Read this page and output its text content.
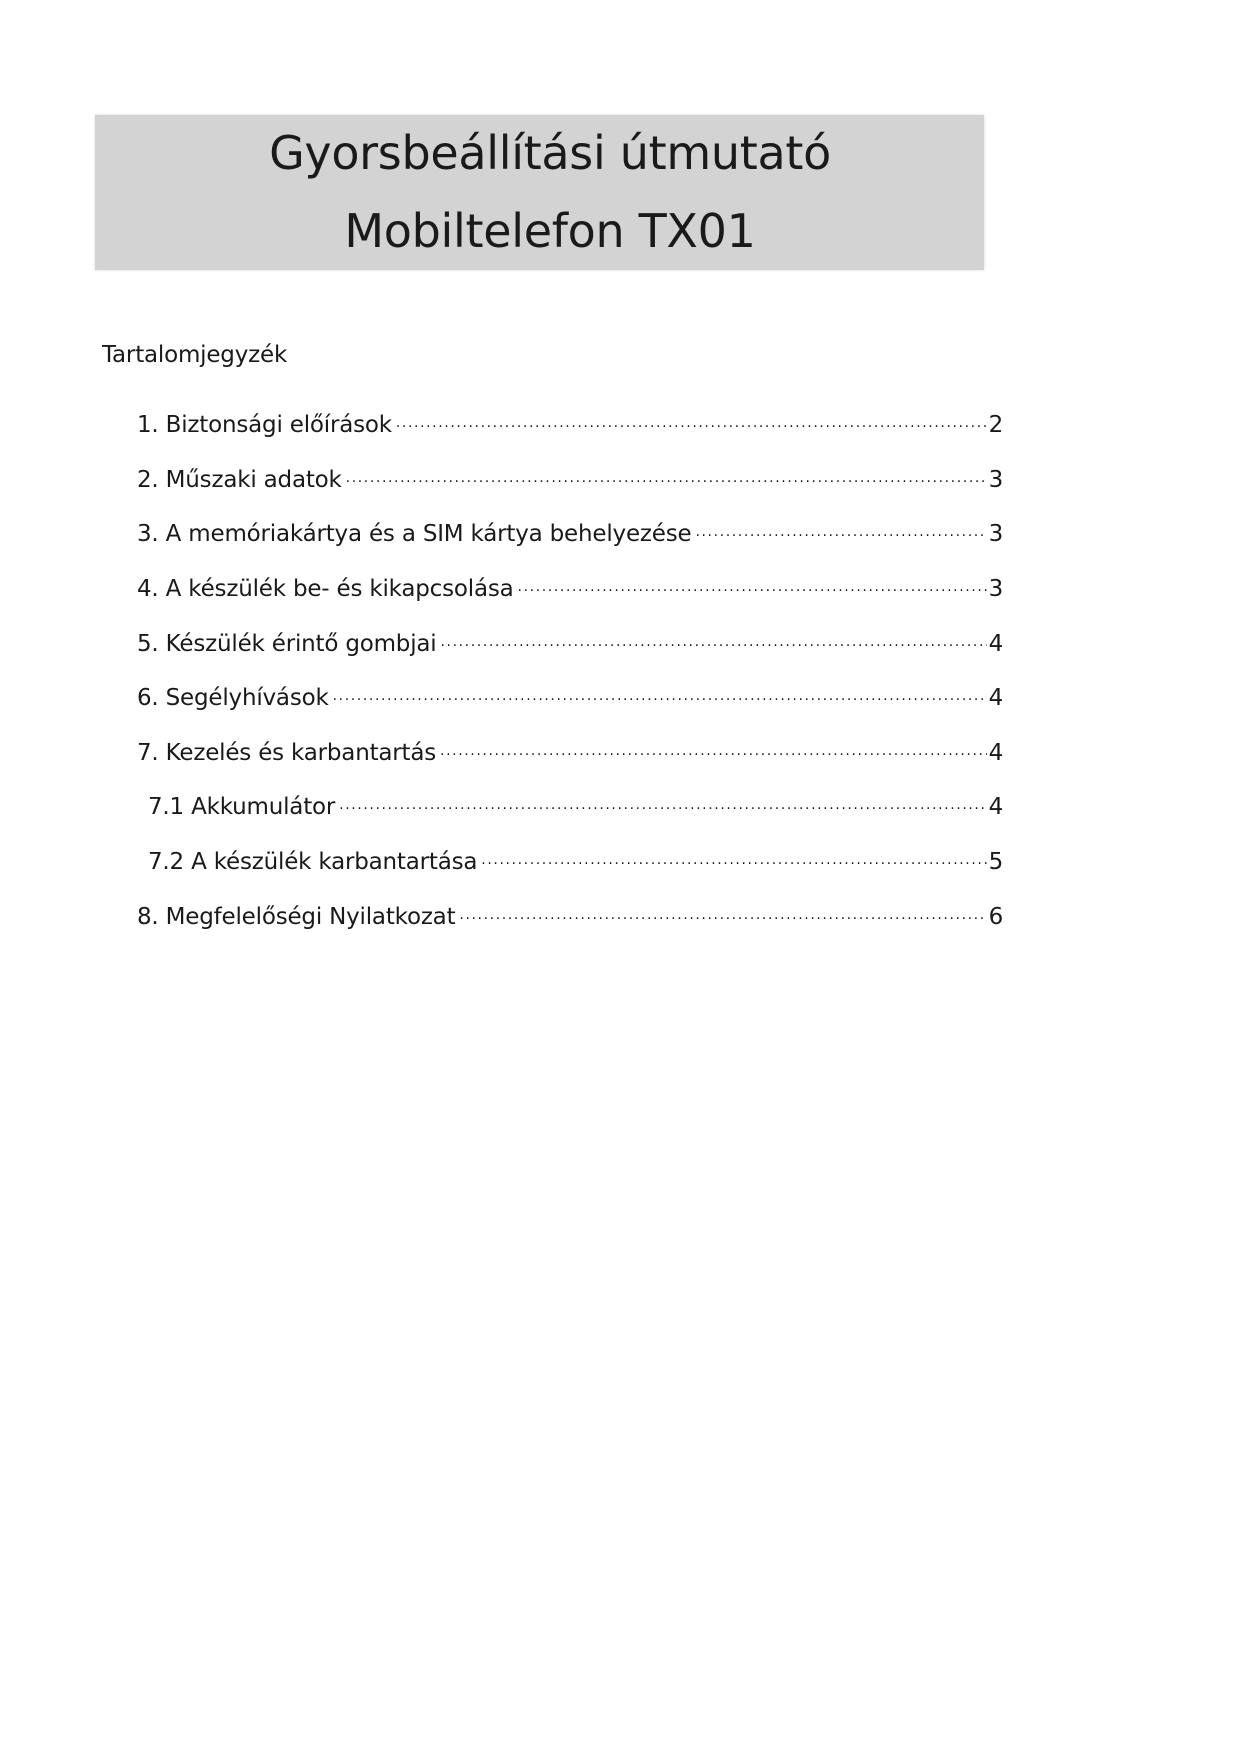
Gyorsbeállítási útmutató
Mobiltelefon TX01
Tartalomjegyzék
1. Biztonsági előírások .....	2
2. Műszaki adatok .....	3
3. A memóriakártya és a SIM kártya behelyezése .....	3
4. A készülék be- és kikapcsolása .....	3
5. Készülék érintő gombjai .....	4
6. Segélyhívások .....	4
7. Kezelés és karbantartás .....	4
7.1 Akkumulátor .....	4
7.2 A készülék karbantartása .....	5
8. Megfelelőségi Nyilatkozat .....	6
